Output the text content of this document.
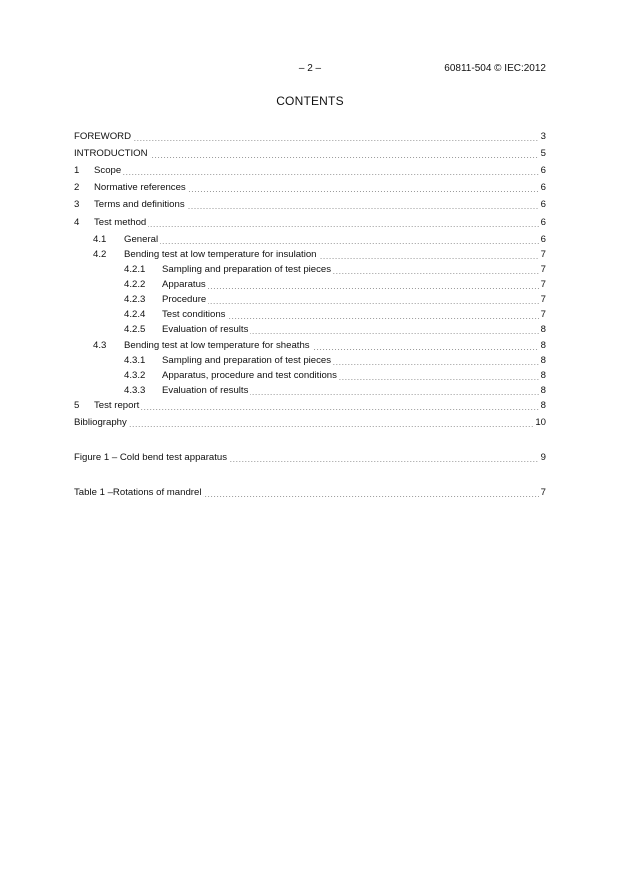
– 2 –	60811-504 © IEC:2012
CONTENTS
FOREWORD	3
INTRODUCTION	5
1	Scope	6
2	Normative references	6
3	Terms and definitions	6
4	Test method	6
4.1	General	6
4.2	Bending test at low temperature for insulation	7
4.2.1	Sampling and preparation of test pieces	7
4.2.2	Apparatus	7
4.2.3	Procedure	7
4.2.4	Test conditions	7
4.2.5	Evaluation of results	8
4.3	Bending test at low temperature for sheaths	8
4.3.1	Sampling and preparation of test pieces	8
4.3.2	Apparatus, procedure and test conditions	8
4.3.3	Evaluation of results	8
5	Test report	8
Bibliography	10
Figure 1 – Cold bend test apparatus	9
Table 1 –Rotations of mandrel	7
